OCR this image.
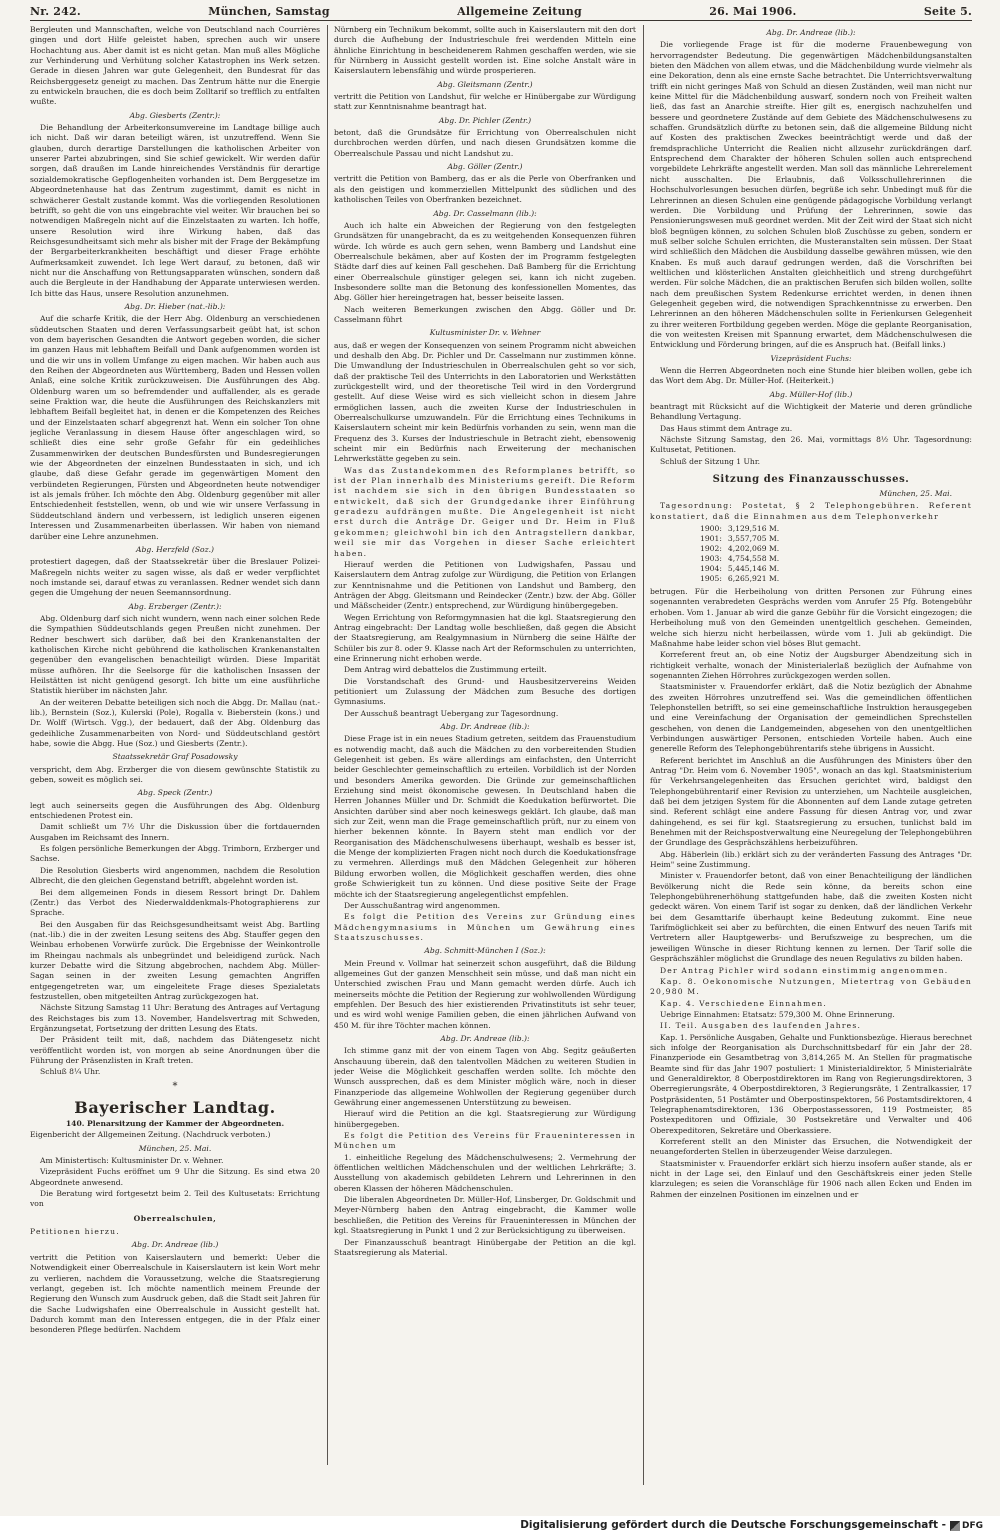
Nr. 242.	München, Samstag	Allgemeine Zeitung	26. Mai 1906.	Seite 5.

Bergleuten und Mannschaften, welche von Deutschland nach Courrières gingen und dort Hilfe geleistet haben, sprechen auch wir unsere Hochachtung aus. Aber damit ist es nicht getan. Man muß alles Mögliche zur Verhinderung und Verhütung solcher Katastrophen ins Werk setzen. Gerade in diesen Jahren war gute Gelegenheit, den Bundesrat für das Reichsberggesetz geneigt zu machen. Das Zentrum hätte nur die Energie zu entwickeln brauchen, die es doch beim Zolltarif so trefflich zu entfalten wußte.

Abg. Giesberts (Zentr.):

Die Behandlung der Arbeiterkonsumvereine im Landtage billige auch ich nicht. Daß wir daran beteiligt wären, ist unzutreffend. Wenn Sie glauben, durch derartige Darstellungen die katholischen Arbeiter von unserer Partei abzubringen, sind Sie schief gewickelt. Wir werden dafür sorgen, daß draußen im Lande hinreichendes Verständnis für derartige sozialdemokratische Gepflogenheiten vorhanden ist. Dem Berggesetze im Abgeordnetenhause hat das Zentrum zugestimmt, damit es nicht in schwächerer Gestalt zustande kommt. Was die vorliegenden Resolutionen betrifft, so geht die von uns eingebrachte viel weiter. Wir brauchen bei so notwendigen Maßregeln nicht auf die Einzelstaaten zu warten. Ich hoffe, unsere Resolution wird ihre Wirkung haben, daß das Reichsgesundheitsamt sich mehr als bisher mit der Frage der Bekämpfung der Bergarbeiterkrankheiten beschäftigt und dieser Frage erhöhte Aufmerksamkeit zuwendet. Ich lege Wert darauf, zu betonen, daß wir nicht nur die Anschaffung von Rettungsapparaten wünschen, sondern daß auch die Bergleute in der Handhabung der Apparate unterwiesen werden. Ich bitte das Haus, unsere Resolution anzunehmen.

Abg. Dr. Hieber (nat.-lib.):

Auf die scharfe Kritik, die der Herr Abg. Oldenburg an verschiedenen süddeutschen Staaten und deren Verfassungsarbeit geübt hat, ist schon von dem bayerischen Gesandten die Antwort gegeben worden, die sicher im ganzen Haus mit lebhaftem Beifall und Dank aufgenommen worden ist und die wir uns in vollem Umfange zu eigen machen. Wir haben auch aus den Reihen der Abgeordneten aus Württemberg, Baden und Hessen vollen Anlaß, eine solche Kritik zurückzuweisen. Die Ausführungen des Abg. Oldenburg waren um so befremdender und auffallender, als es gerade seine Fraktion war, die heute die Ausführungen des Reichskanzlers mit lebhaftem Beifall begleitet hat, in denen er die Kompetenzen des Reiches und der Einzelstaaten scharf abgegrenzt hat. Wenn ein solcher Ton ohne jegliche Veranlassung in diesem Hause öfter angeschlagen wird, so schließt dies eine sehr große Gefahr für ein gedeihliches Zusammenwirken der deutschen Bundesfürsten und Bundesregierungen wie der Abgeordneten der einzelnen Bundesstaaten in sich, und ich glaube, daß diese Gefahr gerade im gegenwärtigen Moment den verbündeten Regierungen, Fürsten und Abgeordneten heute notwendiger ist als jemals früher. Ich möchte den Abg. Oldenburg gegenüber mit aller Entschiedenheit feststellen, wenn, ob und wie wir unsere Verfassung in Süddeutschland ändern und verbessern, ist lediglich unseren eigenen Interessen und Zusammenarbeiten überlassen. Wir haben von niemand darüber eine Lehre anzunehmen.

Abg. Herzfeld (Soz.)

protestiert dagegen, daß der Staatssekretär über die Breslauer Polizei-Maßregeln nichts weiter zu sagen wisse, als daß er weder verpflichtet noch imstande sei, darauf etwas zu veranlassen. Redner wendet sich dann gegen die Umgehung der neuen Seemannsordnung.

Abg. Erzberger (Zentr.):

Abg. Oldenburg darf sich nicht wundern, wenn nach einer solchen Rede die Sympathien Süddeutschlands gegen Preußen nicht zunehmen. Der Redner beschwert sich darüber, daß bei den Krankenanstalten der katholischen Kirche nicht gebührend die katholischen Krankenanstalten gegenüber den evangelischen benachteiligt würden. Diese Imparität müsse aufhören. Ihr die Seelsorge für die katholischen Insassen der Heilstätten ist nicht genügend gesorgt. Ich bitte um eine ausführliche Statistik hierüber im nächsten Jahr.

An der weiteren Debatte beteiligen sich noch die Abgg. Dr. Mallau (nat.-lib.), Bernstein (Soz.), Kulerski (Pole), Rogalla v. Bieberstein (kons.) und Dr. Wolff (Wirtsch. Vgg.), der bedauert, daß der Abg. Oldenburg das gedeihliche Zusammenarbeiten von Nord- und Süddeutschland gestört habe, sowie die Abgg. Hue (Soz.) und Giesberts (Zentr.).

Staatssekretär Graf Posadowsky

verspricht, dem Abg. Erzberger die von diesem gewünschte Statistik zu geben, soweit es möglich sei.

Abg. Speck (Zentr.)

legt auch seinerseits gegen die Ausführungen des Abg. Oldenburg entschiedenen Protest ein.

Damit schließt um 7½ Uhr die Diskussion über die fortdauernden Ausgaben im Reichsamt des Innern.

Es folgen persönliche Bemerkungen der Abgg. Trimborn, Erzberger und Sachse.

Die Resolution Giesberts wird angenommen, nachdem die Resolution Albrecht, die den gleichen Gegenstand betrifft, abgelehnt worden ist.

Bei dem allgemeinen Fonds in diesem Ressort bringt Dr. Dahlem (Zentr.) das Verbot des Niederwalddenkmals-Photographierens zur Sprache.

Bei den Ausgaben für das Reichsgesundheitsamt weist Abg. Bartling (nat.-lib.) die in der zweiten Lesung seitens des Abg. Stauffer gegen den Weinbau erhobenen Vorwürfe zurück. Die Ergebnisse der Weinkontrolle im Rheingau nachmals als unbegründet und beleidigend zurück. Nach kurzer Debatte wird die Sitzung abgebrochen, nachdem Abg. Müller-Sagan seinen in der zweiten Lesung gemachten Angriffen entgegengetreten war, um eingeleitete Frage dieses Spezialetats festzustellen, oben mitgeteilten Antrag zurückgezogen hat.

Nächste Sitzung Samstag 11 Uhr: Beratung des Antrages auf Vertagung des Reichstages bis zum 13. November, Handelsvertrag mit Schweden, Ergänzungsetat, Fortsetzung der dritten Lesung des Etats.

Der Präsident teilt mit, daß, nachdem das Diätengesetz nicht veröffentlicht worden ist, von morgen ab seine Anordnungen über die Führung der Präsenzlisten in Kraft treten.

Schluß 8¼ Uhr.

*
Bayerischer Landtag.
140. Plenarsitzung der Kammer der Abgeordneten.

Eigenbericht der Allgemeinen Zeitung. (Nachdruck verboten.)

München, 25. Mai.

Am Ministertisch: Kultusminister Dr. v. Wehner.

Vizepräsident Fuchs eröffnet um 9 Uhr die Sitzung. Es sind etwa 20 Abgeordnete anwesend.

Die Beratung wird fortgesetzt beim 2. Teil des Kultusetats: Errichtung von

Oberrealschulen,

Petitionen hierzu.

Abg. Dr. Andreae (lib.)

vertritt die Petition von Kaiserslautern und bemerkt: Ueber die Notwendigkeit einer Oberrealschule in Kaiserslautern ist kein Wort mehr zu verlieren, nachdem die Voraussetzung, welche die Staatsregierung verlangt, gegeben ist. Ich möchte namentlich meinem Freunde der Regierung den Wunsch zum Ausdruck geben, daß die Stadt seit Jahren für die Sache Ludwigshafen eine Oberrealschule in Aussicht gestellt hat. Dadurch kommt man den Interessen entgegen, die in der Pfalz einer besonderen Pflege bedürfen. Nachdem

Nürnberg ein Technikum bekommt, sollte auch in Kaiserslautern mit den dort durch die Aufhebung der Industrieschule frei werdenden Mitteln eine ähnliche Einrichtung in bescheidenerem Rahmen geschaffen werden, wie sie für Nürnberg in Aussicht gestellt worden ist. Eine solche Anstalt wäre in Kaiserslautern lebensfähig und würde prosperieren.

Abg. Gleitsmann (Zentr.)

vertritt die Petition von Landshut, für welche er Hinübergabe zur Würdigung statt zur Kenntnisnahme beantragt hat.

Abg. Dr. Pichler (Zentr.)

betont, daß die Grundsätze für Errichtung von Oberrealschulen nicht durchbrochen werden dürfen, und nach diesen Grundsätzen komme die Oberrealschule Passau und nicht Landshut zu.

Abg. Göller (Zentr.)

vertritt die Petition von Bamberg, das er als die Perle von Oberfranken und als den geistigen und kommerziellen Mittelpunkt des südlichen und des katholischen Teiles von Oberfranken bezeichnet.

Abg. Dr. Casselmann (lib.):

Auch ich halte ein Abweichen der Regierung von den festgelegten Grundsätzen für unangebracht, da es zu weitgehenden Konsequenzen führen würde. Ich würde es auch gern sehen, wenn Bamberg und Landshut eine Oberrealschule bekämen, aber auf Kosten der im Programm festgelegten Städte darf dies auf keinen Fall geschehen. Daß Bamberg für die Errichtung einer Oberrealschule günstiger gelegen sei, kann ich nicht zugeben. Insbesondere sollte man die Betonung des konfessionellen Momentes, das Abg. Göller hier hereingetragen hat, besser beiseite lassen.

Nach weiteren Bemerkungen zwischen den Abgg. Göller und Dr. Casselmann führt

Kultusminister Dr. v. Wehner

aus, daß er wegen der Konsequenzen von seinem Programm nicht abweichen und deshalb den Abg. Dr. Pichler und Dr. Casselmann nur zustimmen könne. Die Umwandlung der Industrieschulen in Oberrealschulen geht so vor sich, daß der praktische Teil des Unterrichts in den Laboratorien und Werkstätten zurückgestellt wird, und der theoretische Teil wird in den Vordergrund gestellt. Auf diese Weise wird es sich vielleicht schon in diesem Jahre ermöglichen lassen, auch die zweiten Kurse der Industrieschulen in Oberrealschulkurse umzuwandeln. Für die Errichtung eines Technikums in Kaiserslautern scheint mir kein Bedürfnis vorhanden zu sein, wenn man die Frequenz des 3. Kurses der Industrieschule in Betracht zieht, ebensowenig scheint mir ein Bedürfnis nach Erweiterung der mechanischen Lehrwerkstätte gegeben zu sein.

Was das Zustandekommen des Reformplanes betrifft, so ist der Plan innerhalb des Ministeriums gereift. Die Reform ist nachdem sie sich in den übrigen Bundesstaaten so entwickelt, daß sich der Grundgedanke ihrer Einführung geradezu aufdrängen mußte. Die Angelegenheit ist nicht erst durch die Anträge Dr. Geiger und Dr. Heim in Fluß gekommen; gleichwohl bin ich den Antragstellern dankbar, weil sie mir das Vorgehen in dieser Sache erleichtert haben.

Hierauf werden die Petitionen von Ludwigshafen, Passau und Kaiserslautern dem Antrag zufolge zur Würdigung, die Petition von Erlangen zur Kenntnisnahme und die Petitionen von Landshut und Bamberg, den Anträgen der Abgg. Gleitsmann und Reindecker (Zentr.) bzw. der Abg. Göller und Mäßscheider (Zentr.) entsprechend, zur Würdigung hinübergegeben.

Wegen Errichtung von Reformgymnasien hat die kgl. Staatsregierung den Antrag eingebracht: Der Landtag wolle beschließen, daß gegen die Absicht der Staatsregierung, am Realgymnasium in Nürnberg die seine Hälfte der Schüler bis zur 8. oder 9. Klasse nach Art der Reformschulen zu unterrichten, eine Erinnerung nicht erhoben werde.

Dem Antrag wird debattelos die Zustimmung erteilt.

Die Vorstandschaft des Grund- und Hausbesitzervereins Weiden petitioniert um Zulassung der Mädchen zum Besuche des dortigen Gymnasiums.

Der Ausschuß beantragt Uebergang zur Tagesordnung.

Abg. Dr. Andreae (lib.):

Diese Frage ist in ein neues Stadium getreten, seitdem das Frauenstudium es notwendig macht, daß auch die Mädchen zu den vorbereitenden Studien Gelegenheit ist geben. Es wäre allerdings am einfachsten, den Unterricht beider Geschlechter gemeinschaftlich zu erteilen. Vorbildlich ist der Norden und besonders Amerika geworden. Die Gründe zur gemeinschaftlichen Erziehung sind meist ökonomische gewesen. In Deutschland haben die Herren Johannes Müller und Dr. Schmidt die Koedukation befürwortet. Die Ansichten darüber sind aber noch keineswegs geklärt. Ich glaube, daß man sich zur Zeit, wenn man die Frage gemeinschaftlich prüft, nur zu einem von hierher bekennen könnte. In Bayern steht man endlich vor der Reorganisation des Mädchenschulwesens überhaupt, weshalb es besser ist, die Menge der komplizierten Fragen nicht noch durch die Koedukationsfrage zu vermehren. Allerdings muß den Mädchen Gelegenheit zur höheren Bildung erworben wollen, die Möglichkeit geschaffen werden, dies ohne große Schwierigkeit tun zu können. Und diese positive Seite der Frage möchte ich der Staatsregierung angelegentlichst empfehlen.

Der Ausschußantrag wird angenommen.

Es folgt die Petition des Vereins zur Gründung eines Mädchengymnasiums in München um Gewährung eines Staatszuschusses.

Abg. Schmitt-München I (Soz.):

Mein Freund v. Vollmar hat seinerzeit schon ausgeführt, daß die Bildung allgemeines Gut der ganzen Menschheit sein müsse, und daß man nicht ein Unterschied zwischen Frau und Mann gemacht werden dürfe. Auch ich meinerseits möchte die Petition der Regierung zur wohlwollenden Würdigung empfehlen. Der Besuch des hier existierenden Privatinstituts ist sehr teuer, und es wird wohl wenige Familien geben, die einen jährlichen Aufwand von 450 M. für ihre Töchter machen können.

Abg. Dr. Andreae (lib.):

Ich stimme ganz mit der von einem Tagen von Abg. Segitz geäußerten Anschauung überein, daß den talentvollen Mädchen zu weiteren Studien in jeder Weise die Möglichkeit geschaffen werden sollte. Ich möchte den Wunsch aussprechen, daß es dem Minister möglich wäre, noch in dieser Finanzperiode das allgemeine Wohlwollen der Regierung gegenüber durch Gewährung einer angemessenen Unterstützung zu beweisen.

Hierauf wird die Petition an die kgl. Staatsregierung zur Würdigung hinübergegeben.

Es folgt die Petition des Vereins für Fraueninteressen in München um

1. einheitliche Regelung des Mädchenschulwesens; 2. Vermehrung der öffentlichen weltlichen Mädchenschulen und der weltlichen Lehrkräfte; 3. Ausstellung von akademisch gebildeten Lehrern und Lehrerinnen in den oberen Klassen der höheren Mädchenschulen.

Die liberalen Abgeordneten Dr. Müller-Hof, Linsberger, Dr. Goldschmit und Meyer-Nürnberg haben den Antrag eingebracht, die Kammer wolle beschließen, die Petition des Vereins für Fraueninteressen in München der kgl. Staatsregierung in Punkt 1 und 2 zur Berücksichtigung zu überweisen.

Der Finanzausschuß beantragt Hinübergabe der Petition an die kgl. Staatsregierung als Material.

Abg. Dr. Andreae (lib.):

Die vorliegende Frage ist für die moderne Frauenbewegung von hervorragendster Bedeutung. Die gegenwärtigen Mädchenbildungsanstalten bieten den Mädchen von allem etwas, und die Mädchenbildung wurde vielmehr als eine Dekoration, denn als eine ernste Sache betrachtet. Die Unterrichtsverwaltung trifft ein nicht geringes Maß von Schuld an diesen Zuständen, weil man nicht nur keine Mittel für die Mädchenbildung auswarf, sondern noch von Freiheit walten ließ, das fast an Anarchie streifte. Hier gilt es, energisch nachzuhelfen und bessere und geordnetere Zustände auf dem Gebiete des Mädchenschulwesens zu schaffen. Grundsätzlich dürfte zu betonen sein, daß die allgemeine Bildung nicht auf Kosten des praktischen Zweckes beeinträchtigt werde und daß der fremdsprachliche Unterricht die Realien nicht allzusehr zurückdrängen darf. Entsprechend dem Charakter der höheren Schulen sollen auch entsprechend vorgebildete Lehrkräfte angestellt werden. Man soll das männliche Lehrerelement nicht ausschalten. Die Erlaubnis, daß Volksschullehrerinnen die Hochschulvorlesungen besuchen dürfen, begrüße ich sehr. Unbedingt muß für die Lehrerinnen an diesen Schulen eine genügende pädagogische Vorbildung verlangt werden. Die Vorbildung und Prüfung der Lehrerinnen, sowie das Pensionierungswesen muß geordnet werden. Mit der Zeit wird der Staat sich nicht bloß begnügen können, zu solchen Schulen bloß Zuschüsse zu geben, sondern er muß selber solche Schulen errichten, die Musteranstalten sein müssen. Der Staat wird schließlich den Mädchen die Ausbildung dasselbe gewähren müssen, wie den Knaben. Es muß auch darauf gedrungen werden, daß die Vorschriften bei weltlichen und klösterlichen Anstalten gleichheitlich und streng durchgeführt werden. Für solche Mädchen, die an praktischen Berufen sich bilden wollen, sollte nach dem preußischen System Redenkurse errichtet werden, in denen ihnen Gelegenheit gegeben wird, die notwendigen Sprachkenntnisse zu erwerben. Den Lehrerinnen an den höheren Mädchenschulen sollte in Ferienkursen Gelegenheit zu ihrer weiteren Fortbildung gegeben werden. Möge die geplante Reorganisation, die von weitesten Kreisen mit Spannung erwartet, dem Mädchenschulwesen die Entwicklung und Förderung bringen, auf die es Anspruch hat. (Beifall links.)

Vizepräsident Fuchs:

Wenn die Herren Abgeordneten noch eine Stunde hier bleiben wollen, gebe ich das Wort dem Abg. Dr. Müller-Hof. (Heiterkeit.)

Abg. Müller-Hof (lib.)

beantragt mit Rücksicht auf die Wichtigkeit der Materie und deren gründliche Behandlung Vertagung.

Das Haus stimmt dem Antrage zu.

Nächste Sitzung Samstag, den 26. Mai, vormittags 8½ Uhr. Tagesordnung: Kultusetat, Petitionen.

Schluß der Sitzung 1 Uhr.

Sitzung des Finanzausschusses.
München, 25. Mai.

Tagesordnung: Postetat, § 2 Telephongebühren. Referent konstatiert, daß die Einnahmen aus dem Telephonverkehr

1900:	3,129,516 M.
1901:	3,557,705 M.
1902:	4,202,069 M.
1903:	4,754,558 M.
1904:	5,445,146 M.
1905:	6,265,921 M.

betrugen. Für die Herbeiholung von dritten Personen zur Führung eines sogenannten verabredeten Gesprächs werden vom Anrufer 25 Pfg. Botengebühr erhoben. Vom 1. Januar ab wird die ganze Gebühr für die Vorsicht eingezogen; die Herbeiholung muß von den Gemeinden unentgeltlich geschehen. Gemeinden, welche sich hierzu nicht herbeilassen, würde vom 1. Juli ab gekündigt. Die Maßnahme habe leider schon viel böses Blut gemacht.

Korreferent freut an, ob eine Notiz der Augsburger Abendzeitung sich in richtigkeit verhalte, wonach der Ministerialerlaß bezüglich der Aufnahme von sogenannten Ziehen Hörrohres zurückgezogen werden sollen.

Staatsminister v. Frauendorfer erklärt, daß die Notiz bezüglich der Abnahme des zweiten Hörrohres unzutreffend sei. Was die gemeindlichen öffentlichen Telephonstellen betrifft, so sei eine gemeinschaftliche Instruktion herausgegeben und eine Vereinfachung der Organisation der gemeindlichen Sprechstellen geschehen, von denen die Landgemeinden, abgesehen von den unentgeltlichen Verbindungen auswärtiger Personen, entschieden Vorteile haben. Auch eine generelle Reform des Telephongebührentarifs stehe übrigens in Aussicht.

Referent berichtet im Anschluß an die Ausführungen des Ministers über den Antrag "Dr. Heim vom 6. November 1905", wonach an das kgl. Staatsministerium für Verkehrsangelegenheiten das Ersuchen gerichtet wird, baldigst den Telephongebührentarif einer Revision zu unterziehen, um Nachteile ausgleichen, daß bei dem jetzigen System für die Abonnenten auf dem Lande zutage getreten sind. Referent schlägt eine andere Fassung für diesen Antrag vor, und zwar dahingehend, es sei für kgl. Staatsregierung zu ersuchen, tunlichst bald im Benehmen mit der Reichspostverwaltung eine Neuregelung der Telephongebühren der Grundlage des Gesprächszählens herbeizuführen.

Abg. Häberlein (lib.) erklärt sich zu der veränderten Fassung des Antrages "Dr. Heim" seine Zustimmung.

Minister v. Frauendorfer betont, daß von einer Benachteiligung der ländlichen Bevölkerung nicht die Rede sein könne, da bereits schon eine Telephongebührenerhöhung stattgefunden habe, daß die zweiten Kosten nicht gedeckt wären. Von einem Tarif ist sogar zu denken, daß der ländlichen Verkehr bei dem Gesamttarife überhaupt keine Bedeutung zukommt. Eine neue Tarifmöglichkeit sei aber zu befürchten, die einen Entwurf des neuen Tarifs mit Vertretern aller Hauptgewerbs- und Berufszweige zu besprechen, um die jeweiligen Wünsche in dieser Richtung kennen zu lernen. Der Tarif solle die Gesprächszähler möglichst die Grundlage des neuen Regulativs zu bilden haben.

Der Antrag Pichler wird sodann einstimmig angenommen.

Kap. 8. Oekonomische Nutzungen, Mietertrag von Gebäuden 20,980 M.

Kap. 4. Verschiedene Einnahmen.

Uebrige Einnahmen: Etatsatz: 579,300 M. Ohne Erinnerung.

II. Teil. Ausgaben des laufenden Jahres.

Kap. 1. Persönliche Ausgaben, Gehalte und Funktionsbezüge. Hieraus berechnet sich infolge der Reorganisation als Durchschnittsbedarf für ein Jahr der 28. Finanzperiode ein Gesamtbetrag von 3,814,265 M. An Stellen für pragmatische Beamte sind für das Jahr 1907 postuliert: 1 Ministerialdirektor, 5 Ministerialräte und Generaldirektor, 8 Oberpostdirektoren im Rang von Regierungsdirektoren, 3 Oberregierungsräte, 4 Oberpostdirektoren, 3 Regierungsräte, 1 Zentralkassier, 17 Postpräsidenten, 51 Postämter und Oberpostinspektoren, 56 Postamtsdirektoren, 4 Telegraphenamtsdirektoren, 136 Oberpostassessoren, 119 Postmeister, 85 Postexpeditoren und Offiziale, 30 Postsekretäre und Verwalter und 406 Oberexpeditoren, Sekretäre und Oberkassiere.

Korreferent stellt an den Minister das Ersuchen, die Notwendigkeit der neuangeforderten Stellen in überzeugender Weise darzulegen.

Staatsminister v. Frauendorfer erklärt sich hierzu insofern außer stande, als er nicht in der Lage sei, den Einlauf und den Geschäftskreis einer jeden Stelle klarzulegen; es seien die Voranschläge für 1906 nach allen Ecken und Enden im Rahmen der einzelnen Positionen im einzelnen und er

Digitalisierung gefördert durch die Deutsche Forschungsgemeinschaft -	DFG
